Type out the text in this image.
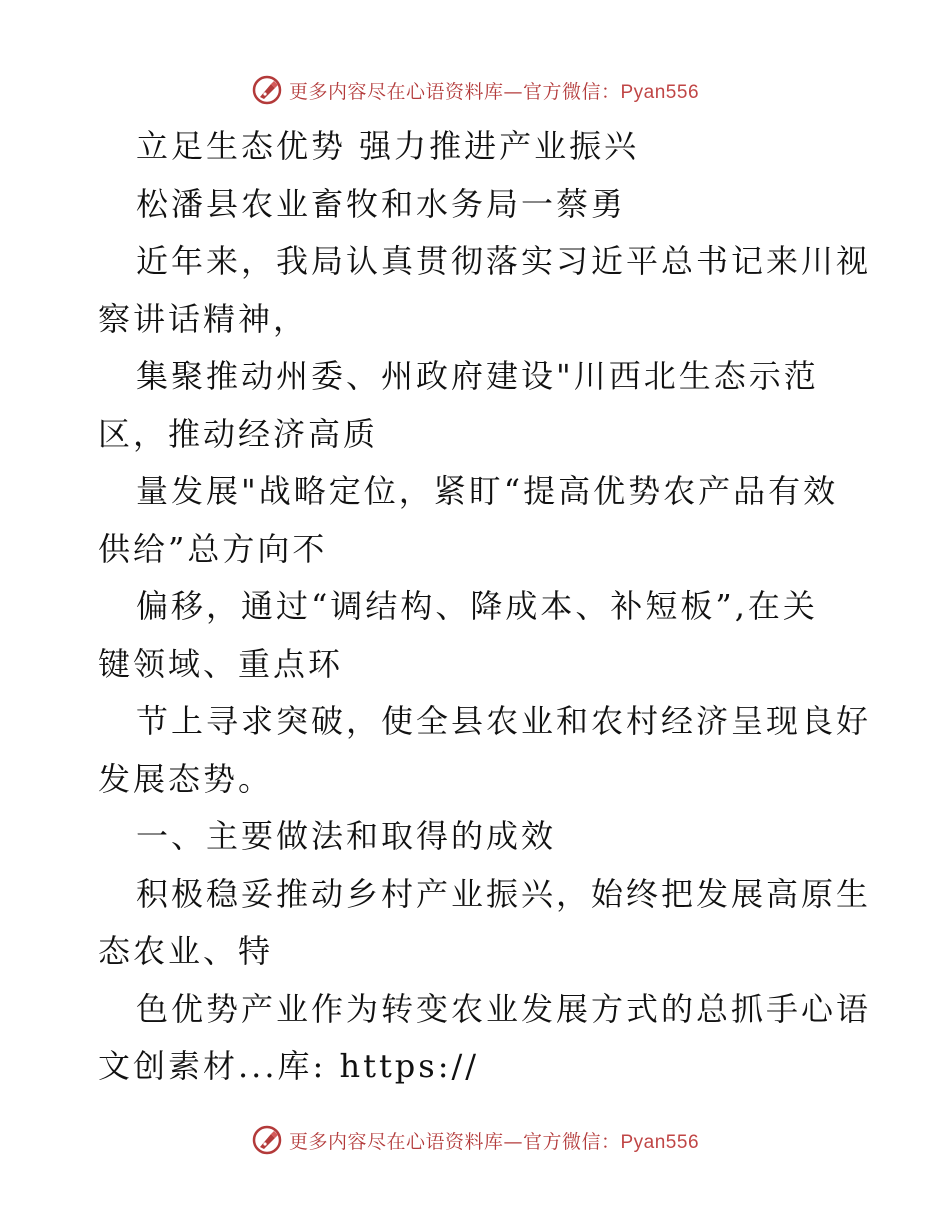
更多内容尽在心语资料库—官方微信：Pyan556
立足生态优势 强力推进产业振兴
松潘县农业畜牧和水务局一蔡勇
近年来，我局认真贯彻落实习近平总书记来川视
察讲话精神，
集聚推动州委、州政府建设"川西北生态示范
区，推动经济高质
量发展"战略定位，紧盯“提高优势农产品有效
供给”总方向不
偏移，通过“调结构、降成本、补短板”,在关
键领域、重点环
节上寻求突破，使全县农业和农村经济呈现良好
发展态势。
一、主要做法和取得的成效
积极稳妥推动乡村产业振兴，始终把发展高原生
态农业、特
色优势产业作为转变农业发展方式的总抓手心语
文创素材...库: https://
更多内容尽在心语资料库—官方微信：Pyan556
